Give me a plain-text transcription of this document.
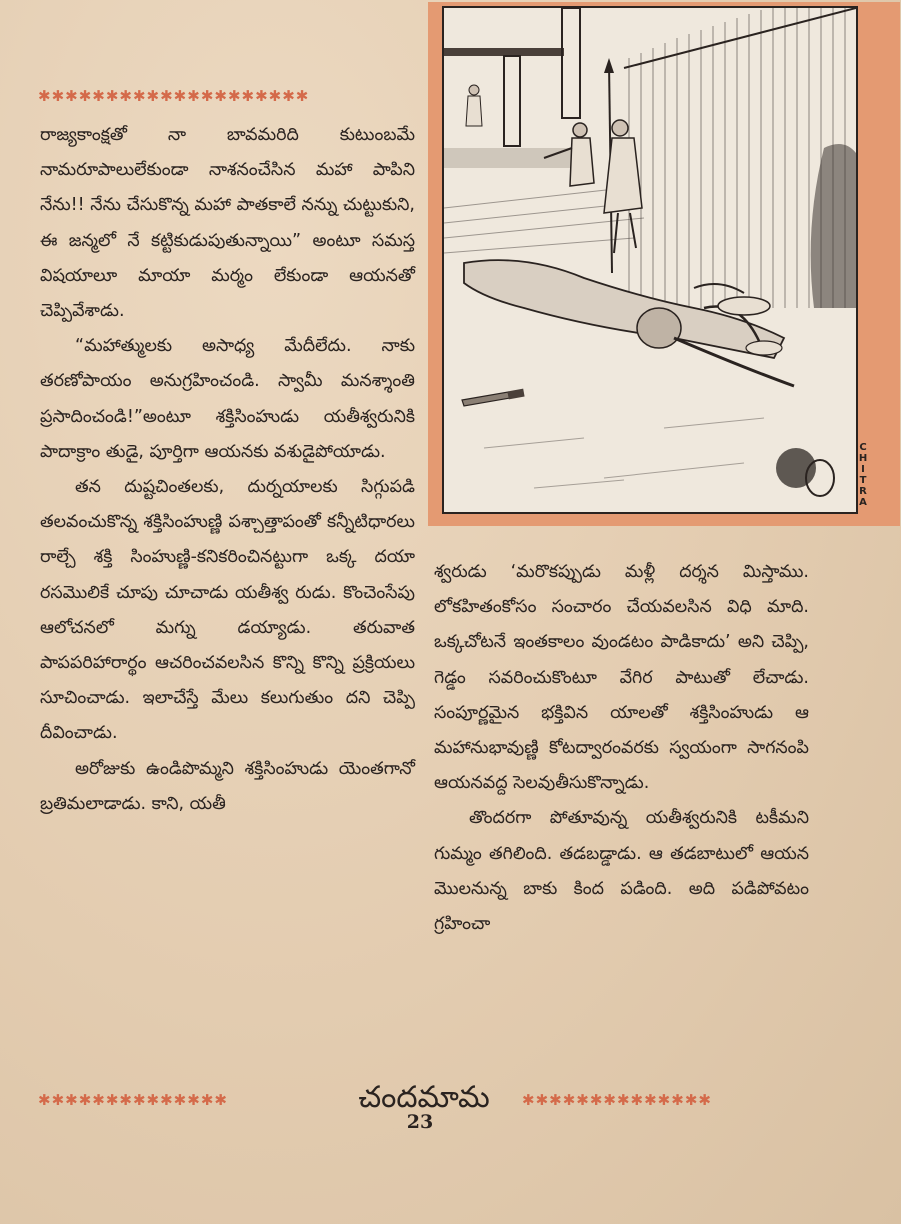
✱✱✱✱✱✱✱✱✱✱✱✱✱✱✱✱✱✱✱✱

రాజ్యకాంక్షతో నా బావమరిది కుటుంబమే నామరూపాలులేకుండా నాశనంచేసిన మహా పాపిని నేను!! నేను చేసుకొన్న మహా పాతకాలే నన్ను చుట్టుకుని, ఈ జన్మలో నే కట్టికుడుపుతున్నాయి” అంటూ సమస్త విషయాలూ మాయా మర్మం లేకుండా ఆయనతో చెప్పివేశాడు.

“మహాత్ములకు అసాధ్య మేదీలేదు. నాకు తరణోపాయం అనుగ్రహించండి. స్వామీ మనశ్శాంతి ప్రసాదించండి!”అంటూ శక్తిసింహుడు యతీశ్వరునికి పాదాక్రాం తుడై, పూర్తిగా ఆయనకు వశుడైపోయాడు.

తన దుష్టచింతలకు, దుర్నయాలకు సిగ్గుపడి తలవంచుకొన్న శక్తిసింహుణ్ణి పశ్చాత్తాపంతో కన్నీటిధారలు రాల్చే శక్తి సింహుణ్ణి-కనికరించినట్టుగా ఒక్క దయా రసమొలికే చూపు చూచాడు యతీశ్వ రుడు. కొంచెంసేపు ఆలోచనలో మగ్ను డయ్యాడు. తరువాత పాపపరిహారార్థం ఆచరించవలసిన కొన్ని కొన్ని ప్రక్రియలు సూచించాడు. ఇలాచేస్తే మేలు కలుగుతుం దని చెప్పి దీవించాడు.

అరోజుకు ఉండిపొమ్మని శక్తిసింహుడు యెంతగానో బ్రతిమలాడాడు. కాని, యతీ

C
H
I
T
R
A

శ్వరుడు ‘మరొకప్పుడు మళ్లీ దర్శన మిస్తాము. లోకహితంకోసం సంచారం చేయవలసిన విధి మాది. ఒక్కచోటనే ఇంతకాలం వుండటం పాడికాదు’ అని చెప్పి, గెడ్డం సవరించుకొంటూ వేగిర పాటుతో లేచాడు. సంపూర్ణమైన భక్తివిన యాలతో శక్తిసింహుడు ఆ మహానుభావుణ్ణి కోటద్వారంవరకు స్వయంగా సాగనంపి ఆయనవద్ద సెలవుతీసుకొన్నాడు.

తొందరగా పోతూవున్న యతీశ్వరునికి టకీమని గుమ్మం తగిలింది. తడబడ్డాడు. ఆ తడబాటులో ఆయన మొలనున్న బాకు కింద పడింది. అది పడిపోవటం గ్రహించా

✱✱✱✱✱✱✱✱✱✱✱✱✱✱	చందమామ	✱✱✱✱✱✱✱✱✱✱✱✱✱✱
23
